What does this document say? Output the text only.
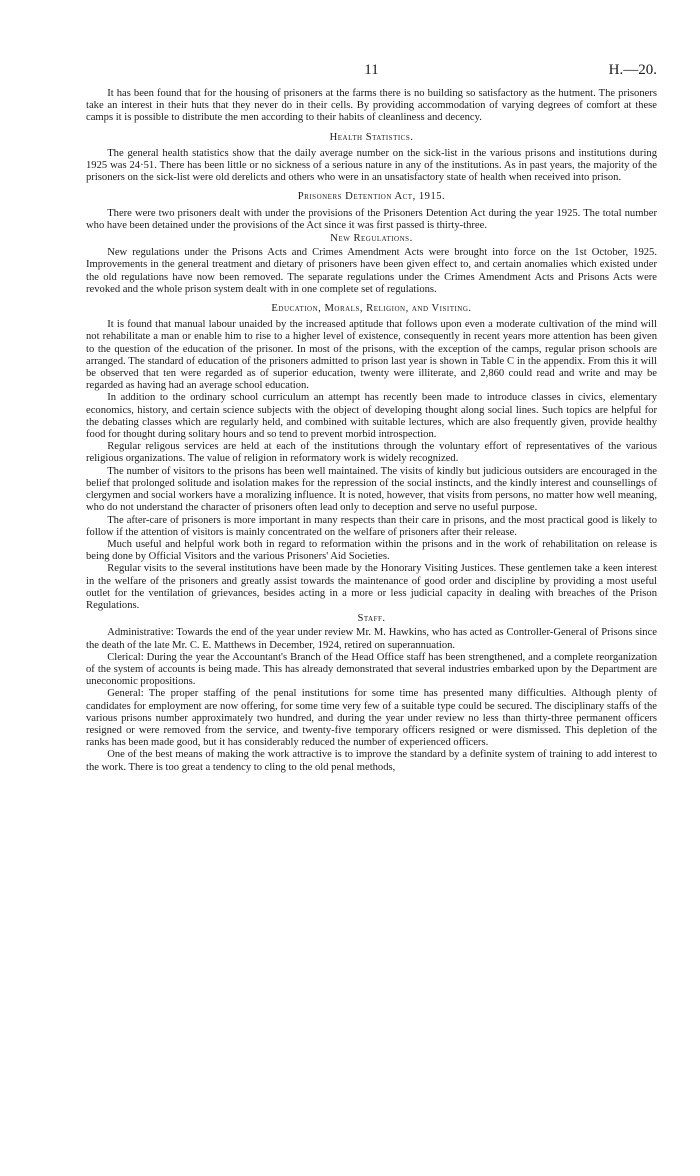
11	H.—20.

It has been found that for the housing of prisoners at the farms there is no building so satisfactory as the hutment. The prisoners take an interest in their huts that they never do in their cells. By providing accommodation of varying degrees of comfort at these camps it is possible to distribute the men according to their habits of cleanliness and decency.

Health Statistics.

The general health statistics show that the daily average number on the sick-list in the various prisons and institutions during 1925 was 24·51. There has been little or no sickness of a serious nature in any of the institutions. As in past years, the majority of the prisoners on the sick-list were old derelicts and others who were in an unsatisfactory state of health when received into prison.

Prisoners Detention Act, 1915.

There were two prisoners dealt with under the provisions of the Prisoners Detention Act during the year 1925. The total number who have been detained under the provisions of the Act since it was first passed is thirty-three.

New Regulations.

New regulations under the Prisons Acts and Crimes Amendment Acts were brought into force on the 1st October, 1925. Improvements in the general treatment and dietary of prisoners have been given effect to, and certain anomalies which existed under the old regulations have now been removed. The separate regulations under the Crimes Amendment Acts and Prisons Acts were revoked and the whole prison system dealt with in one complete set of regulations.

Education, Morals, Religion, and Visiting.

It is found that manual labour unaided by the increased aptitude that follows upon even a moderate cultivation of the mind will not rehabilitate a man or enable him to rise to a higher level of existence, consequently in recent years more attention has been given to the question of the education of the prisoner. In most of the prisons, with the exception of the camps, regular prison schools are arranged. The standard of education of the prisoners admitted to prison last year is shown in Table C in the appendix. From this it will be observed that ten were regarded as of superior education, twenty were illiterate, and 2,860 could read and write and may be regarded as having had an average school education.

In addition to the ordinary school curriculum an attempt has recently been made to introduce classes in civics, elementary economics, history, and certain science subjects with the object of developing thought along social lines. Such topics are helpful for the debating classes which are regularly held, and combined with suitable lectures, which are also frequently given, provide healthy food for thought during solitary hours and so tend to prevent morbid introspection.

Regular religous services are held at each of the institutions through the voluntary effort of representatives of the various religious organizations. The value of religion in reformatory work is widely recognized.

The number of visitors to the prisons has been well maintained. The visits of kindly but judicious outsiders are encouraged in the belief that prolonged solitude and isolation makes for the repression of the social instincts, and the kindly interest and counsellings of clergymen and social workers have a moralizing influence. It is noted, however, that visits from persons, no matter how well meaning, who do not understand the character of prisoners often lead only to deception and serve no useful purpose.

The after-care of prisoners is more important in many respects than their care in prisons, and the most practical good is likely to follow if the attention of visitors is mainly concentrated on the welfare of prisoners after their release.

Much useful and helpful work both in regard to reformation within the prisons and in the work of rehabilitation on release is being done by Official Visitors and the various Prisoners' Aid Societies.

Regular visits to the several institutions have been made by the Honorary Visiting Justices. These gentlemen take a keen interest in the welfare of the prisoners and greatly assist towards the maintenance of good order and discipline by providing a most useful outlet for the ventilation of grievances, besides acting in a more or less judicial capacity in dealing with breaches of the Prison Regulations.

Staff.

Administrative: Towards the end of the year under review Mr. M. Hawkins, who has acted as Controller-General of Prisons since the death of the late Mr. C. E. Matthews in December, 1924, retired on superannuation.

Clerical: During the year the Accountant's Branch of the Head Office staff has been strengthened, and a complete reorganization of the system of accounts is being made. This has already demonstrated that several industries embarked upon by the Department are uneconomic propositions.

General: The proper staffing of the penal institutions for some time has presented many difficulties. Although plenty of candidates for employment are now offering, for some time very few of a suitable type could be secured. The disciplinary staffs of the various prisons number approximately two hundred, and during the year under review no less than thirty-three permanent officers resigned or were removed from the service, and twenty-five temporary officers resigned or were dismissed. This depletion of the ranks has been made good, but it has considerably reduced the number of experienced officers.

One of the best means of making the work attractive is to improve the standard by a definite system of training to add interest to the work. There is too great a tendency to cling to the old penal methods,
